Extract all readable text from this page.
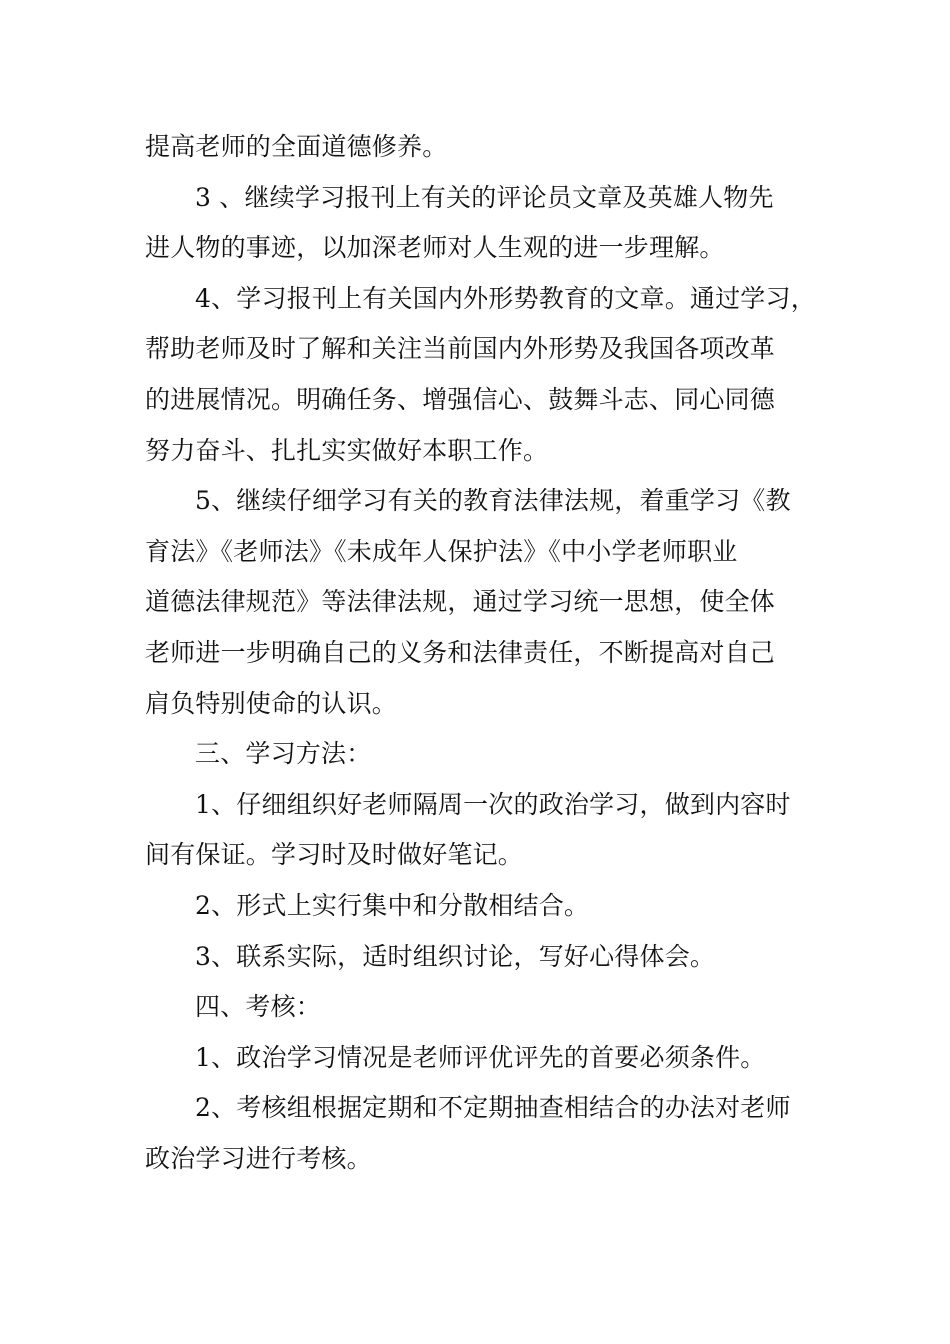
提高老师的全面道德修养。
3 、继续学习报刊上有关的评论员文章及英雄人物先
进人物的事迹，以加深老师对人生观的进一步理解。
4、学习报刊上有关国内外形势教育的文章。通过学习，
帮助老师及时了解和关注当前国内外形势及我国各项改革
的进展情况。明确任务、增强信心、鼓舞斗志、同心同德
努力奋斗、扎扎实实做好本职工作。
5、继续仔细学习有关的教育法律法规，着重学习《教
育法》《老师法》《未成年人保护法》《中小学老师职业
道德法律规范》等法律法规，通过学习统一思想，使全体
老师进一步明确自己的义务和法律责任，不断提高对自己
肩负特别使命的认识。
三、学习方法：
1、仔细组织好老师隔周一次的政治学习，做到内容时
间有保证。学习时及时做好笔记。
2、形式上实行集中和分散相结合。
3、联系实际，适时组织讨论，写好心得体会。
四、考核：
1、政治学习情况是老师评优评先的首要必须条件。
2、考核组根据定期和不定期抽查相结合的办法对老师
政治学习进行考核。
